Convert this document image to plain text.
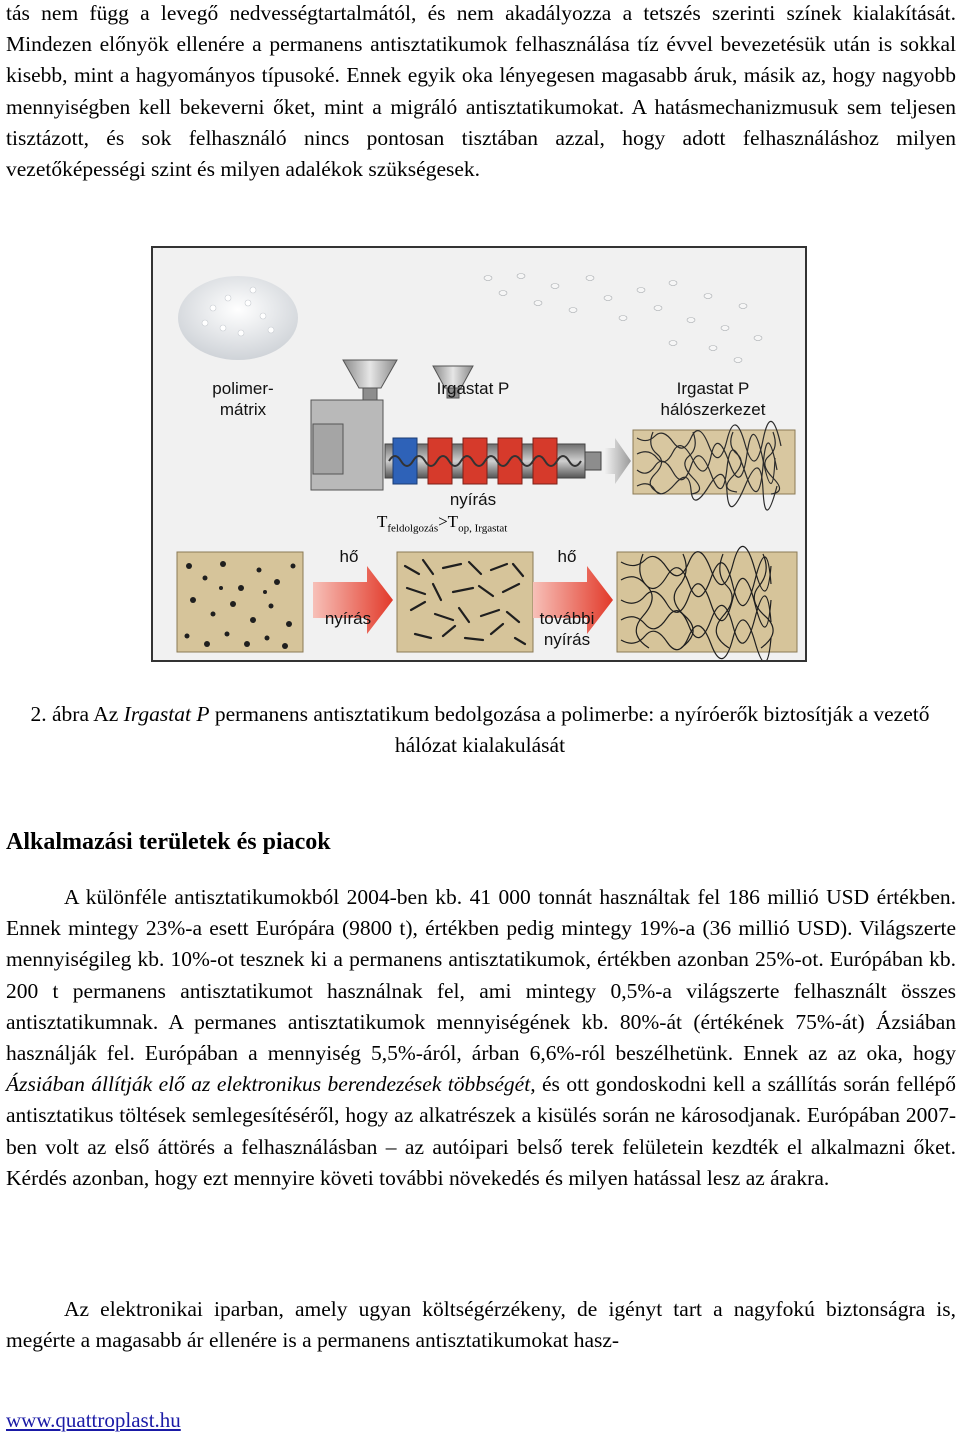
tás nem függ a levegő nedvességtartalmától, és nem akadályozza a tetszés szerinti színek kialakítását. Mindezen előnyök ellenére a permanens antisztatikumok felhasználása tíz évvel bevezetésük után is sokkal kisebb, mint a hagyományos típusoké. Ennek egyik oka lényegesen magasabb áruk, másik az, hogy nagyobb mennyiségben kell bekeverni őket, mint a migráló antisztatikumokat. A hatásmechanizmusuk sem teljesen tisztázott, és sok felhasználó nincs pontosan tisztában azzal, hogy adott felhasználáshoz milyen vezetőképességi szint és milyen adalékok szükségesek.

polimer-
mátrix
Irgastat P	Irgastat P
hálószerkezet
nyírás
$T_{feldolgozás}>T_{op, Irgastat}$
hő	hő
nyírás	további
nyírás

2. ábra Az Irgastat P permanens antisztatikum bedolgozása a polimerbe: a nyíróerők biztosítják a vezető hálózat kialakulását

Alkalmazási területek és piacok

A különféle antisztatikumokból 2004-ben kb. 41 000 tonnát használtak fel 186 millió USD értékben. Ennek mintegy 23%-a esett Európára (9800 t), értékben pedig mintegy 19%-a (36 millió USD). Világszerte mennyiségileg kb. 10%-ot tesznek ki a permanens antisztatikumok, értékben azonban 25%-ot. Európában kb. 200 t permanens antisztatikumot használnak fel, ami mintegy 0,5%-a világszerte felhasznált összes antisztatikumnak. A permanes antisztatikumok mennyiségének kb. 80%-át (értékének 75%-át) Ázsiában használják fel. Európában a mennyiség 5,5%-áról, árban 6,6%-ról beszélhetünk. Ennek az az oka, hogy Ázsiában állítják elő az elektronikus berendezések többségét, és ott gondoskodni kell a szállítás során fellépő antisztatikus töltések semlegesítéséről, hogy az alkatrészek a kisülés során ne károsodjanak. Európában 2007-ben volt az első áttörés a felhasználásban – az autóipari belső terek felületein kezdték el alkalmazni őket. Kérdés azonban, hogy ezt mennyire követi további növekedés és milyen hatással lesz az árakra.

Az elektronikai iparban, amely ugyan költségérzékeny, de igényt tart a nagyfokú biztonságra is, megérte a magasabb ár ellenére is a permanens antisztatikumokat hasz-

www.quattroplast.hu
